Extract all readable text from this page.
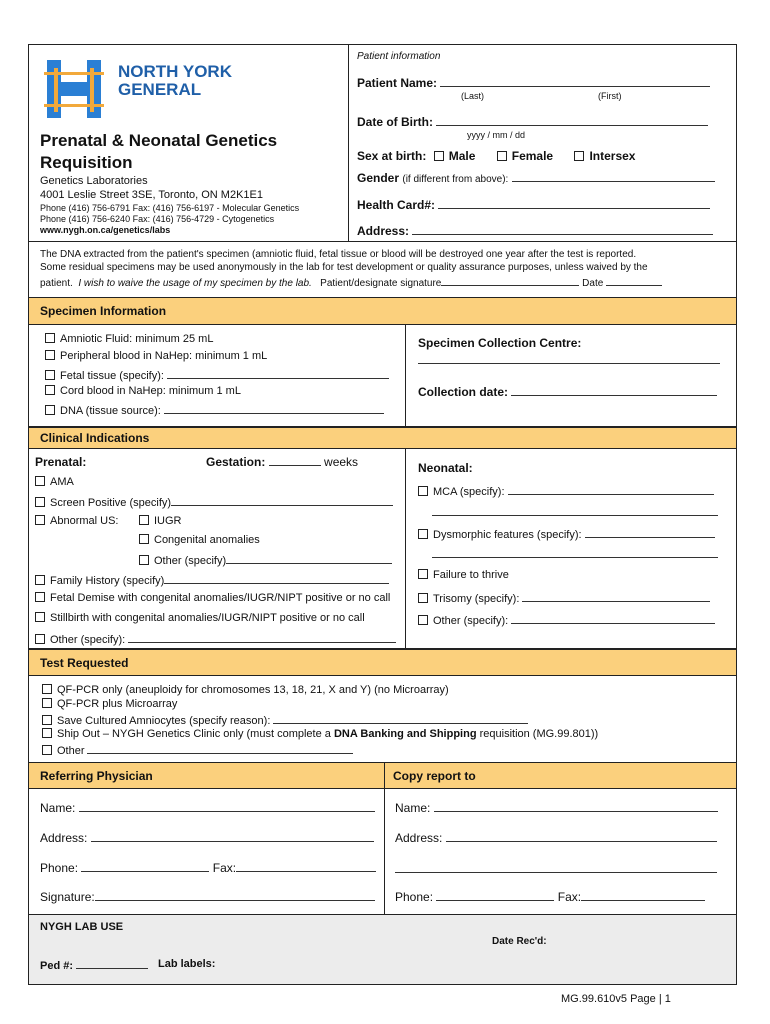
NORTH YORK
GENERAL
Prenatal & Neonatal Genetics
Requisition
Genetics Laboratories
4001 Leslie Street 3SE, Toronto, ON M2K1E1
Phone (416) 756-6791 Fax: (416) 756-6197 - Molecular Genetics
Phone (416) 756-6240 Fax: (416) 756-4729 - Cytogenetics
www.nygh.on.ca/genetics/labs
Patient information
Patient Name:
(Last)	(First)
Date of Birth:
yyyy / mm / dd
Sex at birth: Male	Female	Intersex
Gender (if different from above):
Health Card#:
Address:
The DNA extracted from the patient's specimen (amniotic fluid, fetal tissue or blood will be destroyed one year after the test is reported.
Some residual specimens may be used anonymously in the lab for test development or quality assurance purposes, unless waived by the
patient. I wish to waive the usage of my specimen by the lab. Patient/designate signature	Date
Specimen Information
Amniotic Fluid: minimum 25 mL
Peripheral blood in NaHep: minimum 1 mL
Fetal tissue (specify):
Cord blood in NaHep: minimum 1 mL
DNA (tissue source):
Specimen Collection Centre:
Collection date:
Clinical Indications
Prenatal:	Gestation:	weeks
AMA
Screen Positive (specify)
Abnormal US:	IUGR
Congenital anomalies
Other (specify)
Family History (specify)
Fetal Demise with congenital anomalies/IUGR/NIPT positive or no call
Stillbirth with congenital anomalies/IUGR/NIPT positive or no call
Other (specify):
Neonatal:
MCA (specify):
Dysmorphic features (specify):
Failure to thrive
Trisomy (specify):
Other (specify):
Test Requested
QF-PCR only (aneuploidy for chromosomes 13, 18, 21, X and Y) (no Microarray)
QF-PCR plus Microarray
Save Cultured Amniocytes (specify reason):
Ship Out – NYGH Genetics Clinic only (must complete a DNA Banking and Shipping requisition (MG.99.801))
Other
Referring Physician	Copy report to
Name:
Address:
Phone:	Fax:
Signature:
Name:
Address:
Phone:	Fax:
NYGH LAB USE
Date Rec'd:
Ped #:	Lab labels:
MG.99.610v5 Page | 1
